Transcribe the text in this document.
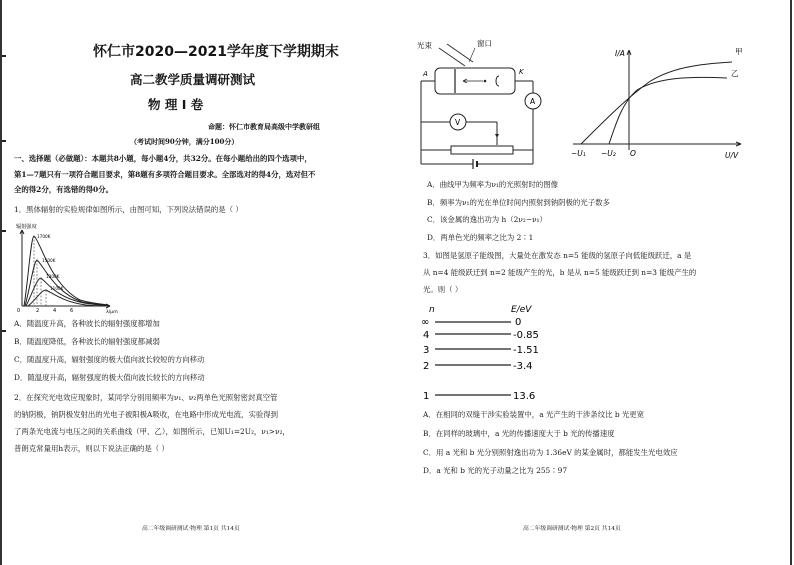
怀仁市2020—2021学年度下学期期末
高二教学质量调研测试
物 理 Ⅰ 卷
命题：怀仁市教育局高级中学教研组
（考试时间90分钟，满分100分）
一、选择题（必做题）：本题共8小题，每小题4分，共32分。在每小题给出的四个选项中，
第1—7题只有一项符合题目要求，第8题有多项符合题目要求。全部选对的得4分，选对但不
全的得2分，有选错的得0分。
1．黑体辐射的实验规律如图所示，由图可知，下列说法错误的是（ ）
辐射强度
λ/μm
0	2	4	6
1700K
1500K
1300K
1100K
A．随温度升高，各种波长的辐射强度都增加
B．随温度降低，各种波长的辐射强度都减弱
C．随温度升高，辐射强度的极大值向波长较短的方向移动
D．随温度升高，辐射强度的极大值向波长较长的方向移动
2．在探究光电效应现象时，某同学分别用频率为ν₁、ν₂两单色光照射密封真空管
的钠阴极，钠阴极发射出的光电子被阳极A吸收，在电路中形成光电流，实验得到
了两条光电流与电压之间的关系曲线（甲、乙），如图所示，已知U₁=2U₂，ν₁>ν₂，
普朗克常量用h表示，则以下说法正确的是（ ）
高二年级调研测试·物理 第1页 共14页
光束	窗口
A	K
A
V
I/A
U/V
O
−U₁ −U₂
甲
乙
A．曲线甲为频率为ν₁的光照射时的图像
B．频率为ν₁的光在单位时间内照射到钠阴极的光子数多
C．该金属的逸出功为 h（2ν₂−ν₁）
D．两单色光的频率之比为 2∶1
3．如图是氢原子能级图，大量处在激发态 n=5 能级的氢原子向低能级跃迁，a 是
从 n=4 能级跃迁到 n=2 能级产生的光，b 是从 n=5 能级跃迁到 n=3 能级产生的
光。则（ ）
n	E/eV
∞	0
4	-0.85
3	-1.51
2	-3.4
1	13.6
A．在相同的双缝干涉实验装置中，a 光产生的干涉条纹比 b 光更宽
B．在同样的玻璃中，a 光的传播速度大于 b 光的传播速度
C．用 a 光和 b 光分别照射逸出功为 1.36eV 的某金属时，都能发生光电效应
D．a 光和 b 光的光子动量之比为 255∶97
高二年级调研测试·物理 第2页 共14页
